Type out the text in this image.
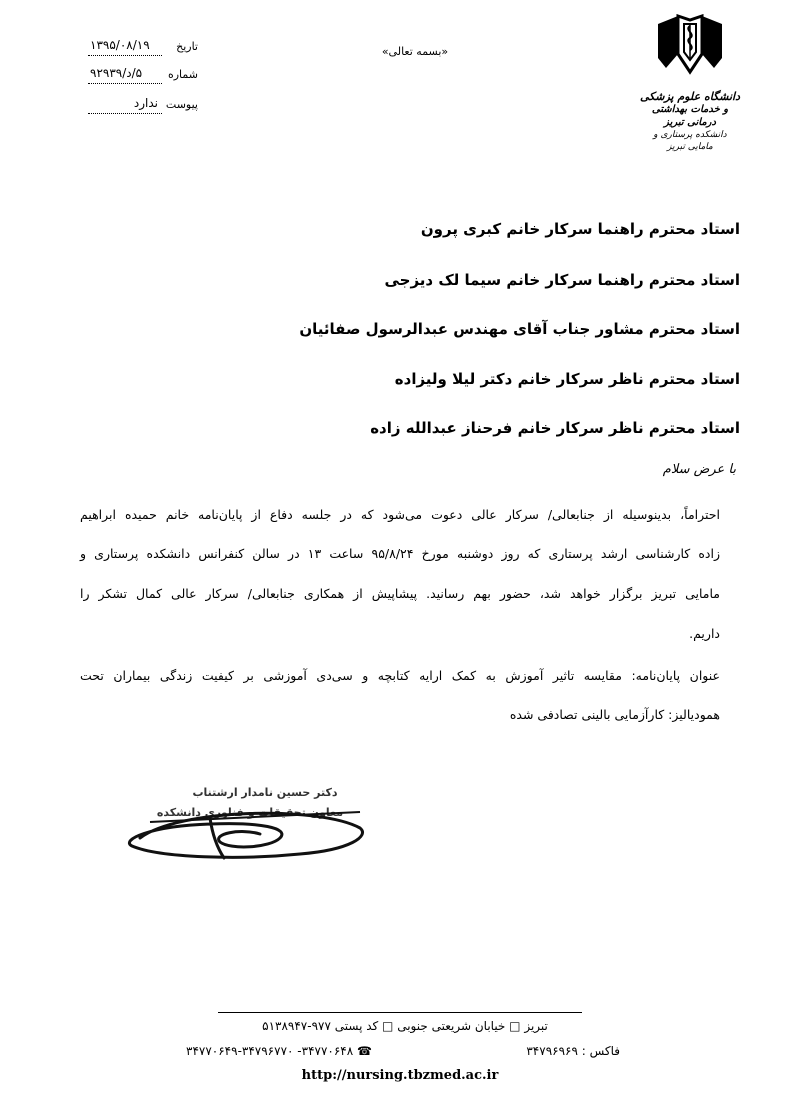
تاریخ
۱۳۹۵/۰۸/۱۹
شماره
۵/د/۹۲۹۳۹
پیوست
ندارد
«بسمه تعالی»
دانشگاه علوم پزشکی
و خدمات بهداشتی درمانی تبریز
دانشکده پرستاری و مامایی تبریز
استاد محترم راهنما سرکار خانم کبری پرون
استاد محترم راهنما سرکار خانم سیما لک دیزجی
استاد محترم مشاور جناب آقای مهندس عبدالرسول صفائیان
استاد محترم ناظر سرکار خانم دکتر لیلا ولیزاده
استاد محترم ناظر سرکار خانم فرحناز عبدالله زاده
با عرض سلام
احتراماً، بدینوسیله از جنابعالی/ سرکار عالی دعوت می‌شود که در جلسه دفاع از پایان‌نامه خانم حمیده ابراهیم
زاده کارشناسی ارشد پرستاری که روز دوشنبه مورخ ۹۵/۸/۲۴ ساعت ۱۳ در سالن کنفرانس دانشکده پرستاری و
مامایی تبریز برگزار خواهد شد، حضور بهم رسانید. پیشاپیش از همکاری جنابعالی/ سرکار عالی کمال تشکر را
داریم.
عنوان پایان‌نامه: مقایسه تاثیر آموزش به کمک ارایه کتابچه و سی‌دی آموزشی بر کیفیت زندگی بیماران تحت
همودیالیز: کارآزمایی بالینی تصادفی شده
دکتر حسین نامدار ارشتناب
معاون تحقیقات و فناوری دانشکده
تبریز □ خیابان شریعتی جنوبی □ کد پستی ۹۷۷-۵۱۳۸۹۴۷
فاکس : ۳۴۷۹۶۹۶۹
☎ ۳۴۷۷۰۶۴۸- ۳۴۷۷۰۶۴۹-۳۴۷۹۶۷۷۰
http://nursing.tbzmed.ac.ir
